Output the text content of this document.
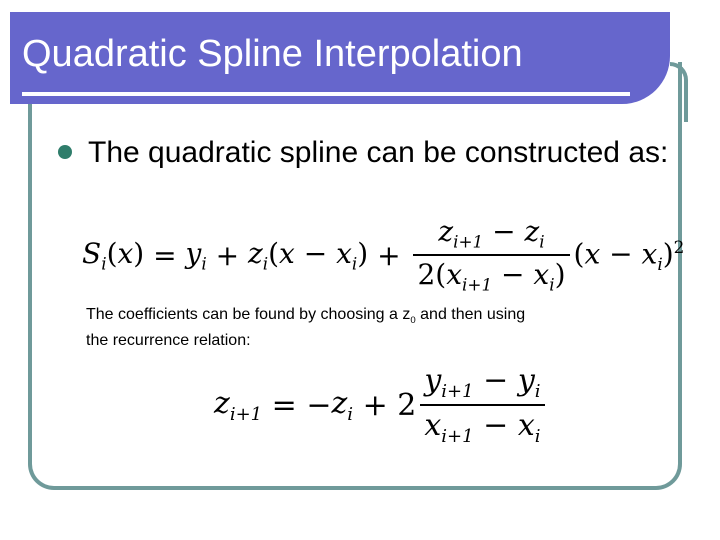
Quadratic Spline Interpolation
The quadratic spline can be constructed as:
$S_i(x) = y_i + z_i(x - x_i) + \frac{z_{i+1} - z_i}{2(x_{i+1} - x_i)} (x - x_i)^2$
The coefficients can be found by choosing a $z_0$ and then using
the recurrence relation:
$z_{i+1}$ = − $z_i + 2 \frac{y_{i+1} - y_i}{x_{i+1} - x_i}$
